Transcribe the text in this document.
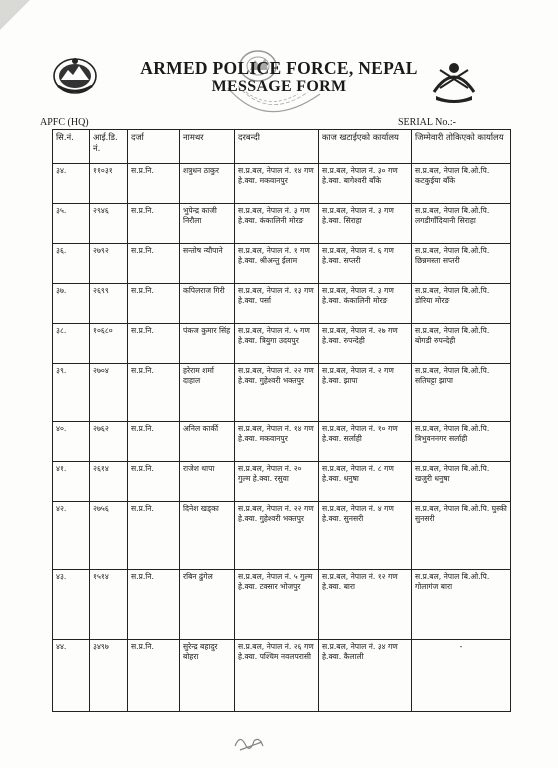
ARMED POLICE FORCE, NEPAL
MESSAGE FORM
APFC (HQ)	SERIAL No.:-
सि.नं.	आई.डि. नं.	दर्जा	नामथर	दरबन्दी	काज खटाईएको कार्यालय	जिम्मेवारी तोकिएको कार्यालय
३४.	११०३१	स.प्र.नि.	शत्रुधन ठाकुर	स.प्र.बल, नेपाल नं. १४ गण हे.क्वा. मकवानपुर	स.प्र.बल, नेपाल नं. ३० गण हे.क्वा. बागेश्वरी बाँके	स.प्र.बल, नेपाल बि.ओ.पि. कटकुईया बाँके
३५.	२९४६	स.प्र.नि.	भुपेन्द्र काजी निरौला	स.प्र.बल, नेपाल नं. ३ गण हे.क्वा. कंकालिनी मोरङ	स.प्र.बल, नेपाल नं. ३ गण हे.क्वा. सिराहा	स.प्र.बल, नेपाल बि.ओ.पि. लगडीगाँदियानी सिराहा
३६.	२७९२	स.प्र.नि.	सन्तोष न्यौपाने	स.प्र.बल, नेपाल नं. १ गण हे.क्वा. श्रीअन्तु ईलाम	स.प्र.बल, नेपाल नं. ६ गण हे.क्वा. सप्तरी	स.प्र.बल, नेपाल बि.ओ.पि. छिन्नमस्ता सप्तरी
३७.	२६९९	स.प्र.नि.	कपिलराज गिरी	स.प्र.बल, नेपाल नं. १३ गण हे.क्वा. पर्सा	स.प्र.बल, नेपाल नं. ३ गण हे.क्वा. कंकालिनी मोरङ	स.प्र.बल, नेपाल बि.ओ.पि. डोरिया मोरङ
३८.	१०६८०	स.प्र.नि.	पंकज कुमार सिंह	स.प्र.बल, नेपाल नं. ५ गण हे.क्वा. त्रियुगा उदयपुर	स.प्र.बल, नेपाल नं. २७ गण हे.क्वा. रुपन्देही	स.प्र.बल, नेपाल बि.ओ.पि. बोगडी रुपन्देही
३९.	२७०४	स.प्र.नि.	हरेराम शर्मा दाहाल	स.प्र.बल, नेपाल नं. २२ गण हे.क्वा. गुहेश्वरी भक्तपुर	स.प्र.बल, नेपाल नं. २ गण हे.क्वा. झापा	स.प्र.बल, नेपाल बि.ओ.पि. सतिघट्टा झापा
४०.	२७६२	स.प्र.नि.	अनिल कार्की	स.प्र.बल, नेपाल नं. १४ गण हे.क्वा. मकवानपुर	स.प्र.बल, नेपाल नं. १० गण हे.क्वा. सर्लाही	स.प्र.बल, नेपाल बि.ओ.पि. त्रिभुवननगर सर्लाही
४१.	२६१४	स.प्र.नि.	राजेश थापा	स.प्र.बल, नेपाल नं. २० गुल्म हे.क्वा. रसुवा	स.प्र.बल, नेपाल नं. ८ गण हे.क्वा. धनुषा	स.प्र.बल, नेपाल बि.ओ.पि. खजुरी धनुषा
४२.	२७५६	स.प्र.नि.	दिनेश खड्का	स.प्र.बल, नेपाल नं. २२ गण हे.क्वा. गुहेश्वरी भक्तपुर	स.प्र.बल, नेपाल नं. ४ गण हे.क्वा. सुनसरी	स.प्र.बल, नेपाल बि.ओ.पि. घुस्की सुनसरी
४३.	१५१४	स.प्र.नि.	रबिन ढुंगेल	स.प्र.बल, नेपाल नं. ५ गुल्म हे.क्वा. टक्सार भोजपुर	स.प्र.बल, नेपाल नं. १२ गण हे.क्वा. बारा	स.प्र.बल, नेपाल बि.ओ.पि. गोलागंज बारा
४४.	३४९७	स.प्र.नि.	सुरेन्द्र बहादुर बोहरा	स.प्र.बल, नेपाल नं. २६ गण हे.क्वा. पश्चिम नवलपरासी	स.प्र.बल, नेपाल नं. ३४ गण हे.क्वा. कैलाली	-
